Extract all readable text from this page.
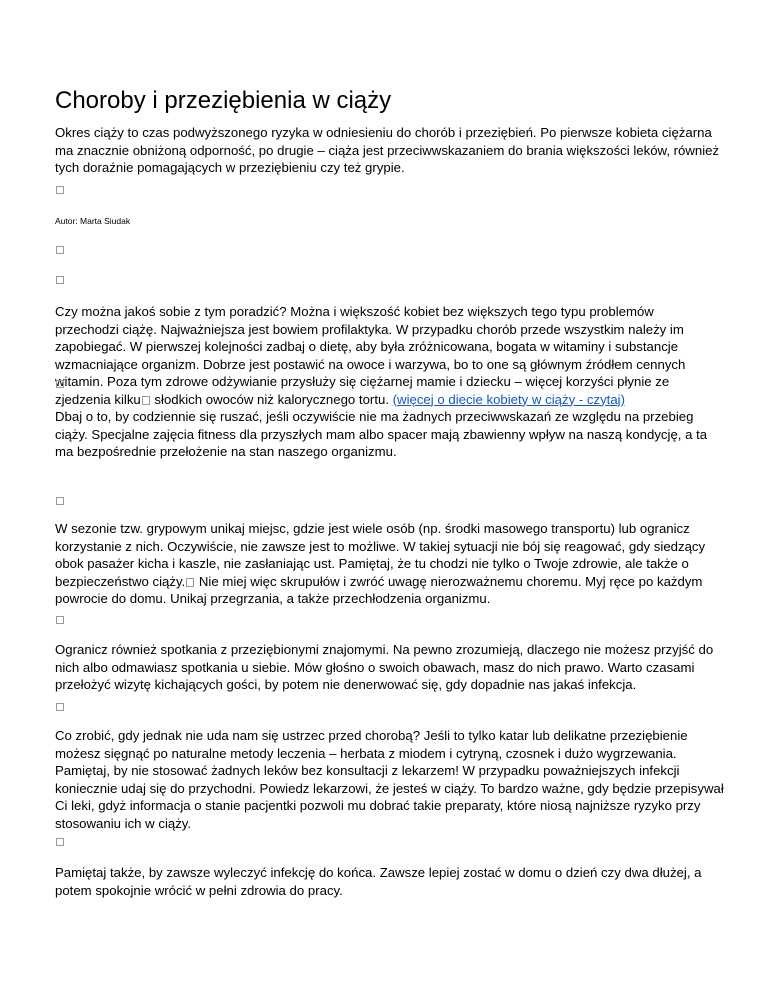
Choroby i przeziębienia w ciąży

Okres ciąży to czas podwyższonego ryzyka w odniesieniu do chorób i przeziębień. Po pierwsze kobieta ciężarna ma znacznie obniżoną odporność, po drugie – ciąża jest przeciwwskazaniem do brania większości leków, również tych doraźnie pomagających w przeziębieniu czy też grypie.

Autor: Marta Siudak

Czy można jakoś sobie z tym poradzić? Można i większość kobiet bez większych tego typu problemów przechodzi ciążę. Najważniejsza jest bowiem profilaktyka. W przypadku chorób przede wszystkim należy im zapobiegać. W pierwszej kolejności zadbaj o dietę, aby była zróżnicowana, bogata w witaminy i substancje wzmacniające organizm. Dobrze jest postawić na owoce i warzywa, bo to one są głównym źródłem cennych witamin. Poza tym zdrowe odżywianie przysłuży się ciężarnej mamie i dziecku – więcej korzyści płynie ze zjedzenia kilku słodkich owoców niż kalorycznego tortu. (więcej o diecie kobiety w ciąży - czytaj)

Dbaj o to, by codziennie się ruszać, jeśli oczywiście nie ma żadnych przeciwwskazań ze względu na przebieg ciąży. Specjalne zajęcia fitness dla przyszłych mam albo spacer mają zbawienny wpływ na naszą kondycję, a ta ma bezpośrednie przełożenie na stan naszego organizmu.

W sezonie tzw. grypowym unikaj miejsc, gdzie jest wiele osób (np. środki masowego transportu) lub ogranicz korzystanie z nich. Oczywiście, nie zawsze jest to możliwe. W takiej sytuacji nie bój się reagować, gdy siedzący obok pasażer kicha i kaszle, nie zasłaniając ust. Pamiętaj, że tu chodzi nie tylko o Twoje zdrowie, ale także o bezpieczeństwo ciąży. Nie miej więc skrupułów i zwróć uwagę nierozważnemu choremu. Myj ręce po każdym powrocie do domu. Unikaj przegrzania, a także przechłodzenia organizmu.

Ogranicz również spotkania z przeziębionymi znajomymi. Na pewno zrozumieją, dlaczego nie możesz przyjść do nich albo odmawiasz spotkania u siebie. Mów głośno o swoich obawach, masz do nich prawo. Warto czasami przełożyć wizytę kichających gości, by potem nie denerwować się, gdy dopadnie nas jakaś infekcja.

Co zrobić, gdy jednak nie uda nam się ustrzec przed chorobą? Jeśli to tylko katar lub delikatne przeziębienie możesz sięgnąć po naturalne metody leczenia – herbata z miodem i cytryną, czosnek i dużo wygrzewania. Pamiętaj, by nie stosować żadnych leków bez konsultacji z lekarzem! W przypadku poważniejszych infekcji koniecznie udaj się do przychodni. Powiedz lekarzowi, że jesteś w ciąży. To bardzo ważne, gdy będzie przepisywał Ci leki, gdyż informacja o stanie pacjentki pozwoli mu dobrać takie preparaty, które niosą najniższe ryzyko przy stosowaniu ich w ciąży.

Pamiętaj także, by zawsze wyleczyć infekcję do końca. Zawsze lepiej zostać w domu o dzień czy dwa dłużej, a potem spokojnie wrócić w pełni zdrowia do pracy.
